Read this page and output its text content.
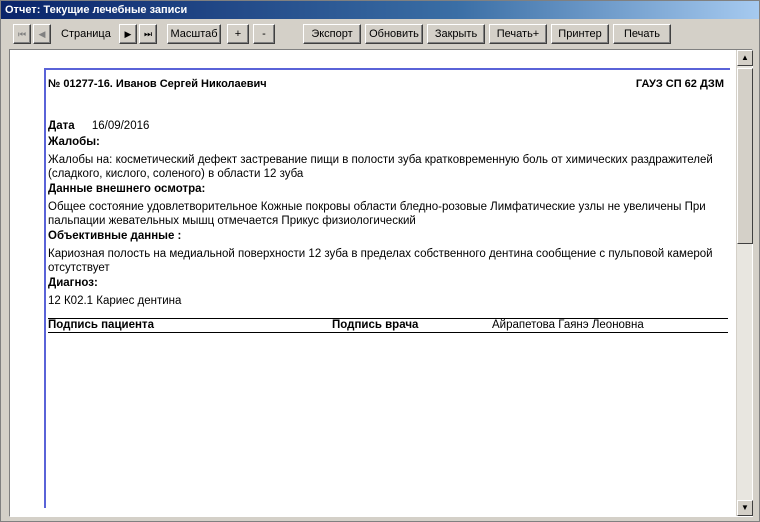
Отчет: Текущие лечебные записи
⏮	◀	Страница	▶	⏭	Масштаб	+	-	Экспорт	Обновить	Закрыть	Печать+	Принтер	Печать
№ 01277-16. Иванов Сергей Николаевич	ГАУЗ СП 62 ДЗМ
Дата 16/09/2016
Жалобы:
Жалобы на: косметический дефект застревание пищи в полости зуба кратковременную боль от химических раздражителей (сладкого, кислого, соленого) в области 12 зуба
Данные внешнего осмотра:
Общее состояние удовлетворительное Кожные покровы области бледно-розовые Лимфатические узлы не увеличены При пальпации жевательных мышц отмечается Прикус физиологический
Объективные данные :
Кариозная полость на медиальной поверхности 12 зуба в пределах собственного дентина сообщение с пульповой камерой отсутствует
Диагноз:
12 К02.1 Кариес дентина
Подпись пациента	Подпись врача	Айрапетова Гаянэ Леоновна
▲
▼
